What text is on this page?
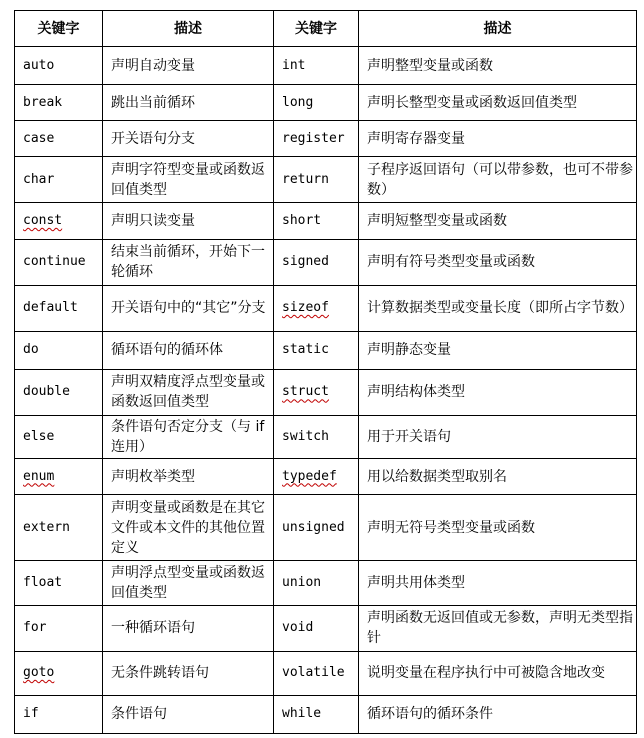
关键字	描述	关键字	描述
auto	声明自动变量	int	声明整型变量或函数
break	跳出当前循环	long	声明长整型变量或函数返回值类型
case	开关语句分支	register	声明寄存器变量
char	声明字符型变量或函数返回值类型	return	子程序返回语句（可以带参数，也可不带参数）
const	声明只读变量	short	声明短整型变量或函数
continue	结束当前循环，开始下一轮循环	signed	声明有符号类型变量或函数
default	开关语句中的“其它”分支	sizeof	计算数据类型或变量长度（即所占字节数）
do	循环语句的循环体	static	声明静态变量
double	声明双精度浮点型变量或函数返回值类型	struct	声明结构体类型
else	条件语句否定分支（与 if 连用）	switch	用于开关语句
enum	声明枚举类型	typedef	用以给数据类型取别名
extern	声明变量或函数是在其它文件或本文件的其他位置定义	unsigned	声明无符号类型变量或函数
float	声明浮点型变量或函数返回值类型	union	声明共用体类型
for	一种循环语句	void	声明函数无返回值或无参数，声明无类型指针
goto	无条件跳转语句	volatile	说明变量在程序执行中可被隐含地改变
if	条件语句	while	循环语句的循环条件
